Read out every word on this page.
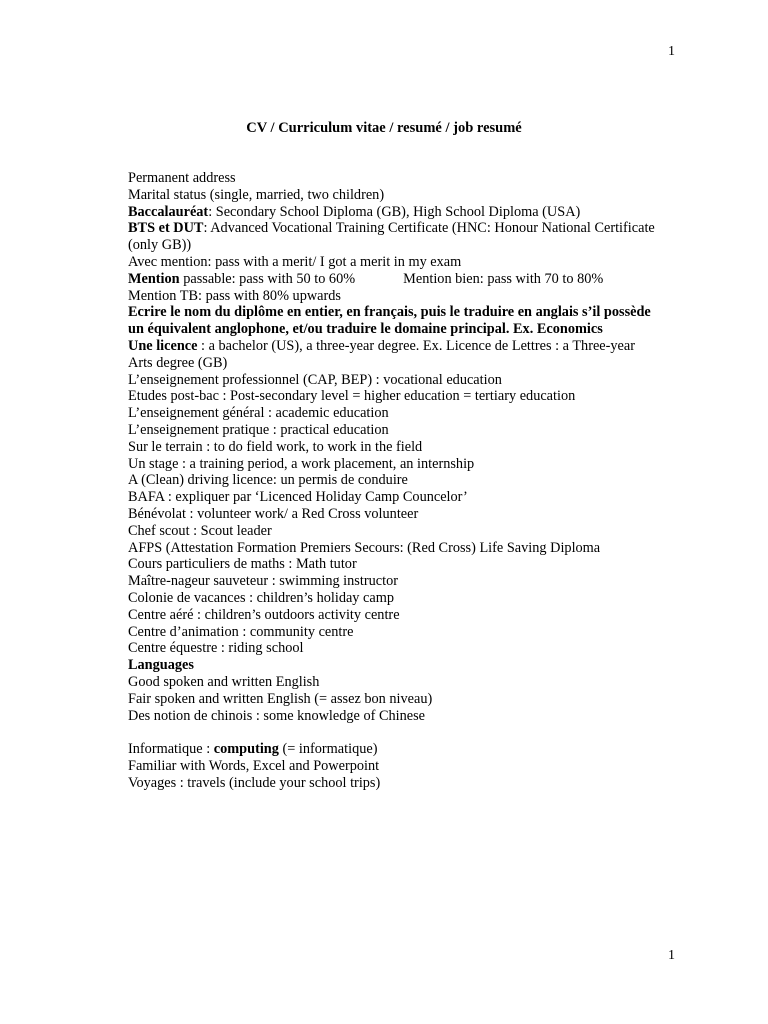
1
CV / Curriculum vitae / resumé / job resumé
Permanent address
Marital status (single, married, two children)
Baccalauréat: Secondary School Diploma (GB), High School Diploma (USA)
BTS et DUT: Advanced Vocational Training Certificate (HNC: Honour National Certificate (only GB))
Avec mention: pass with a merit/ I got a merit in my exam
Mention passable: pass with 50 to 60%	Mention bien: pass with 70 to 80%
Mention TB: pass with 80% upwards
Ecrire le nom du diplôme en entier, en français, puis le traduire en anglais s’il possède un équivalent anglophone, et/ou traduire le domaine principal. Ex. Economics
Une licence : a bachelor (US), a three-year degree. Ex. Licence de Lettres : a Three-year Arts degree (GB)
L’enseignement professionnel (CAP, BEP) : vocational education
Etudes post-bac : Post-secondary level = higher education = tertiary education
L’enseignement général : academic education
L’enseignement pratique : practical education
Sur le terrain : to do field work, to work in the field
Un stage : a training period, a work placement, an internship
A (Clean) driving licence: un permis de conduire
BAFA : expliquer par ‘Licenced Holiday Camp Councelor’
Bénévolat : volunteer work/ a Red Cross volunteer
Chef scout : Scout leader
AFPS (Attestation Formation Premiers Secours: (Red Cross) Life Saving Diploma
Cours particuliers de maths : Math tutor
Maître-nageur sauveteur : swimming instructor
Colonie de vacances : children’s holiday camp
Centre aéré : children’s outdoors activity centre
Centre d’animation : community centre
Centre équestre : riding school
Languages
Good spoken and written English
Fair spoken and written English (= assez bon niveau)
Des notion de chinois : some knowledge of Chinese
Informatique : computing (= informatique)
Familiar with Words, Excel and Powerpoint
Voyages : travels (include your school trips)
1
